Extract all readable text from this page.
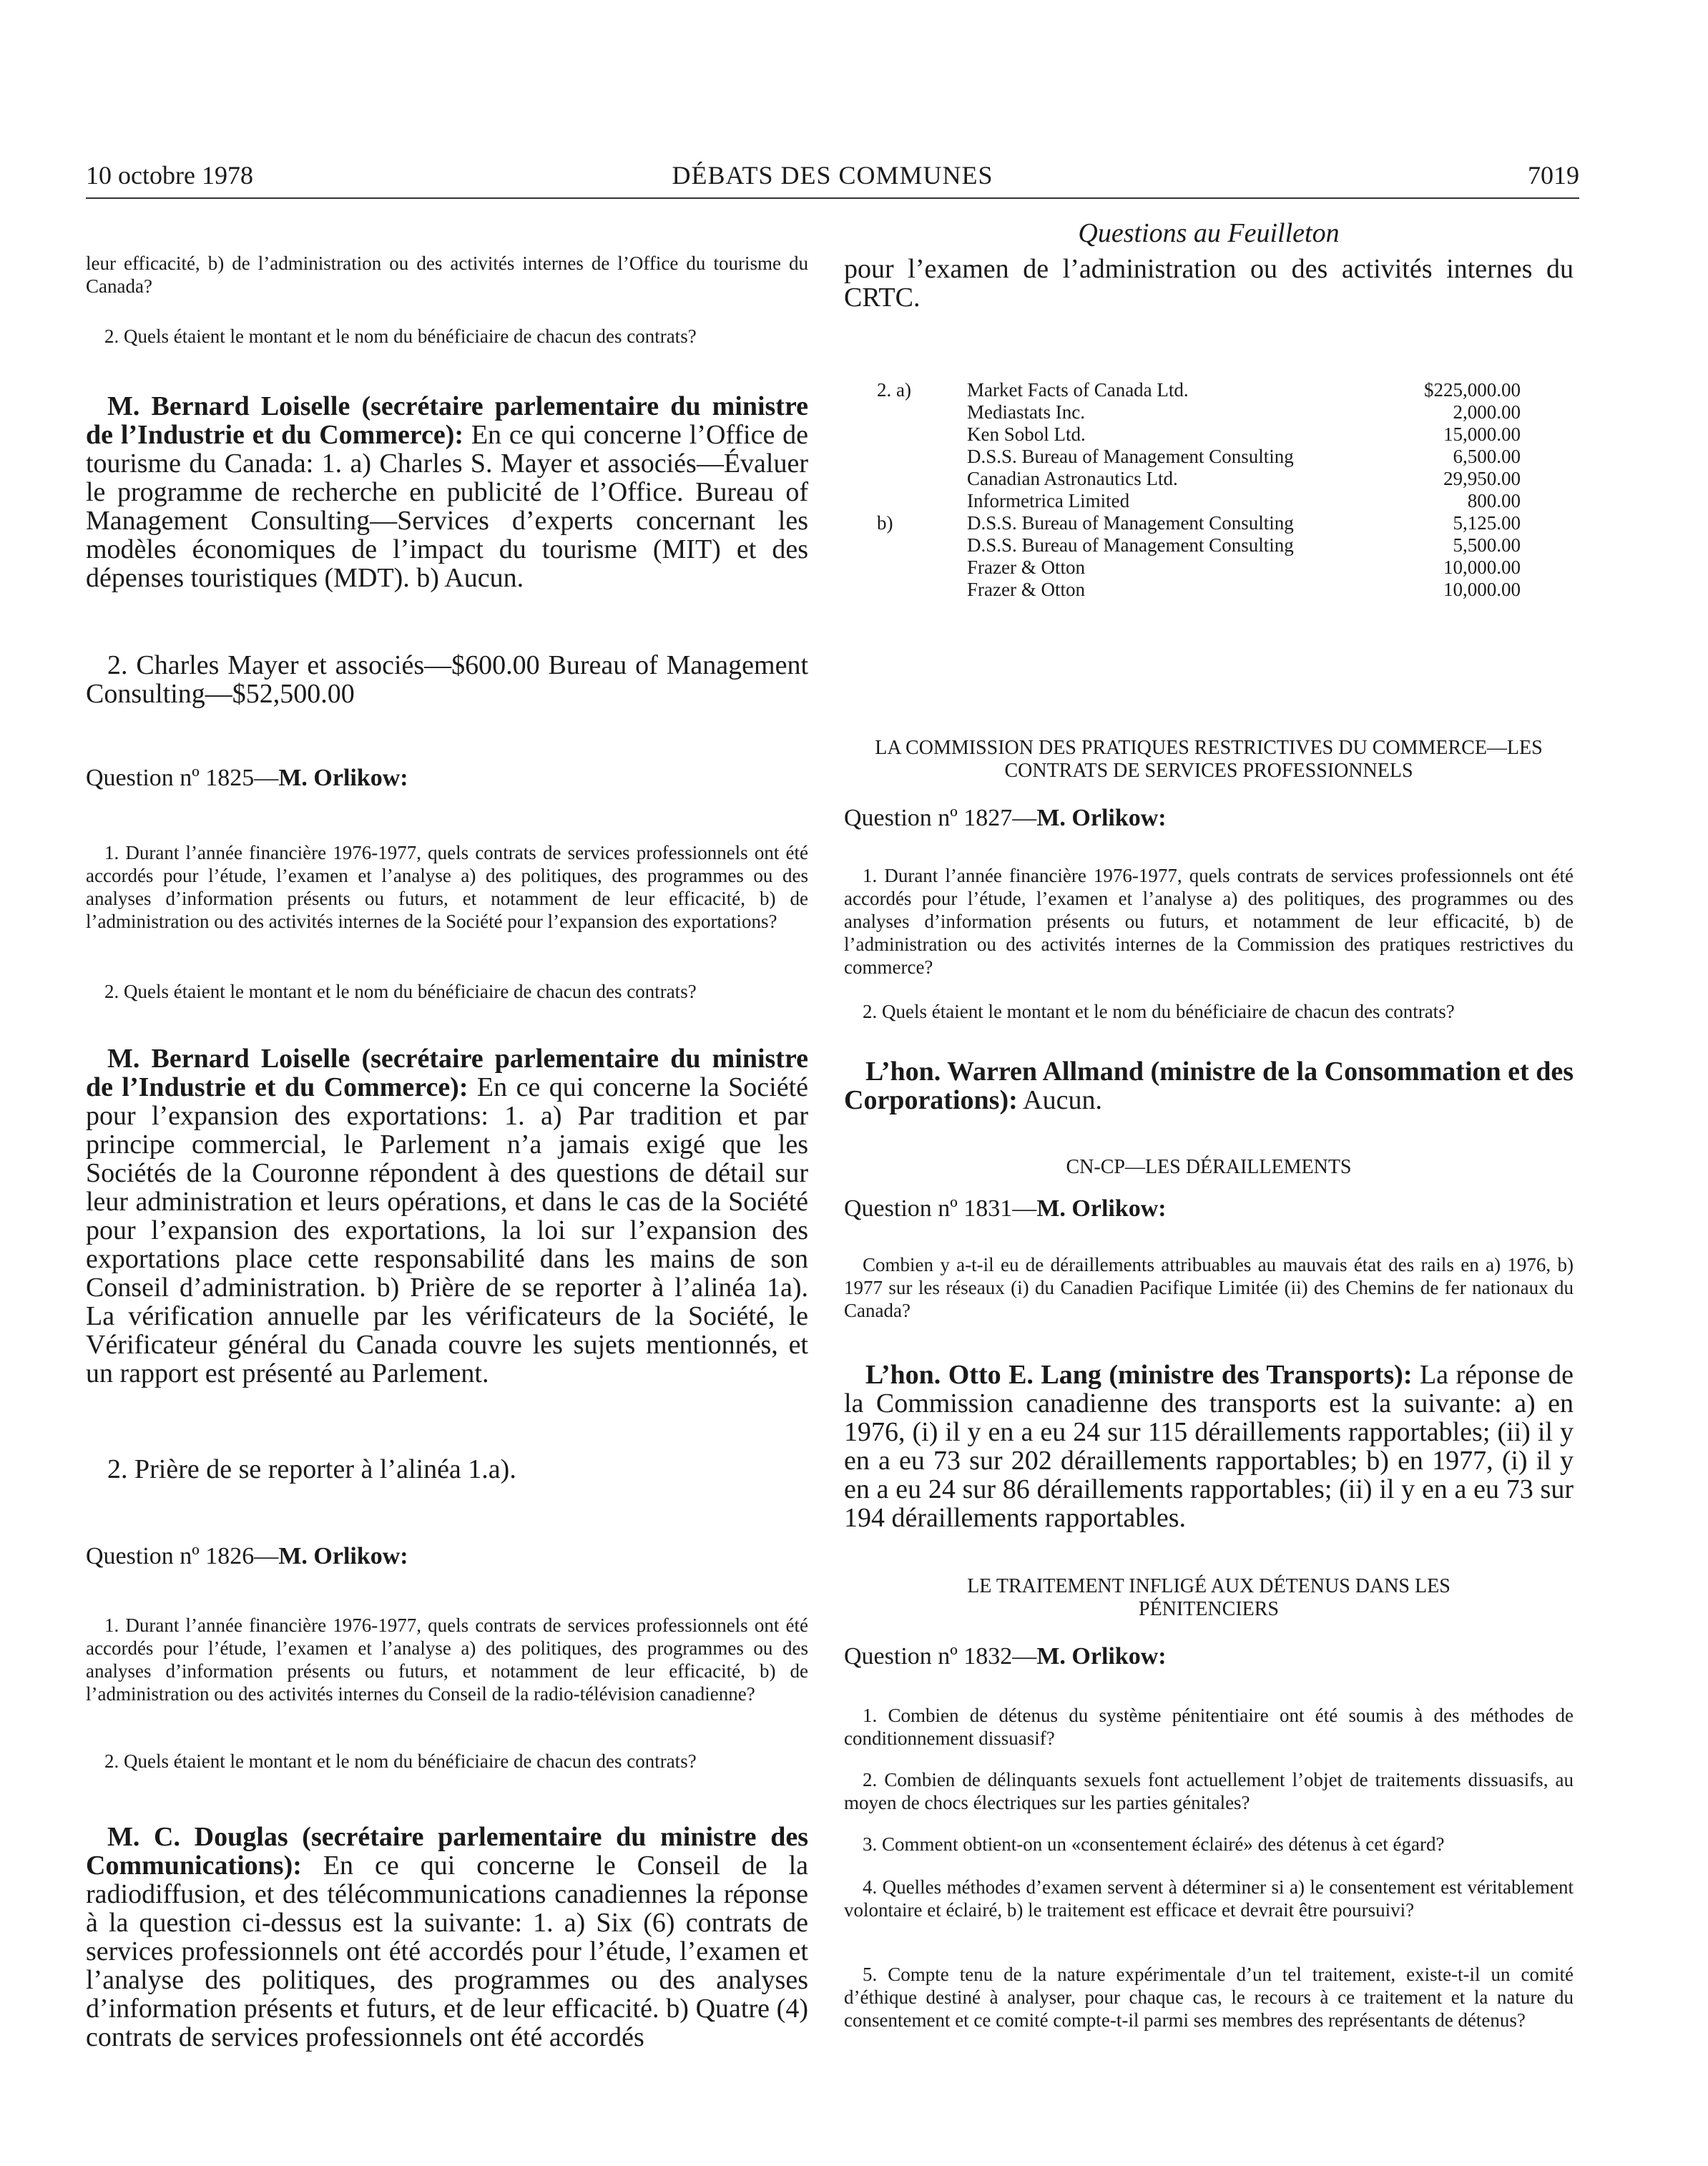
DÉBATS DES COMMUNES
10 octobre 1978	7019
Questions au Feuilleton

leur efficacité, b) de l’administration ou des activités internes de l’Office du tourisme du Canada?

2. Quels étaient le montant et le nom du bénéficiaire de chacun des contrats?

M. Bernard Loiselle (secrétaire parlementaire du ministre de l’Industrie et du Commerce): En ce qui concerne l’Office de tourisme du Canada: 1. a) Charles S. Mayer et associés—Évaluer le programme de recherche en publicité de l’Office. Bureau of Management Consulting—Services d’experts concernant les modèles économiques de l’impact du tourisme (MIT) et des dépenses touristiques (MDT). b) Aucun.

2. Charles Mayer et associés—$600.00 Bureau of Management Consulting—$52,500.00

Question nº 1825—M. Orlikow:

1. Durant l’année financière 1976-1977, quels contrats de services professionnels ont été accordés pour l’étude, l’examen et l’analyse a) des politiques, des programmes ou des analyses d’information présents ou futurs, et notamment de leur efficacité, b) de l’administration ou des activités internes de la Société pour l’expansion des exportations?

2. Quels étaient le montant et le nom du bénéficiaire de chacun des contrats?

M. Bernard Loiselle (secrétaire parlementaire du ministre de l’Industrie et du Commerce): En ce qui concerne la Société pour l’expansion des exportations: 1. a) Par tradition et par principe commercial, le Parlement n’a jamais exigé que les Sociétés de la Couronne répondent à des questions de détail sur leur administration et leurs opérations, et dans le cas de la Société pour l’expansion des exportations, la loi sur l’expansion des exportations place cette responsabilité dans les mains de son Conseil d’administration. b) Prière de se reporter à l’alinéa 1a). La vérification annuelle par les vérificateurs de la Société, le Vérificateur général du Canada couvre les sujets mentionnés, et un rapport est présenté au Parlement.

2. Prière de se reporter à l’alinéa 1.a).

Question nº 1826—M. Orlikow:

1. Durant l’année financière 1976-1977, quels contrats de services professionnels ont été accordés pour l’étude, l’examen et l’analyse a) des politiques, des programmes ou des analyses d’information présents ou futurs, et notamment de leur efficacité, b) de l’administration ou des activités internes du Conseil de la radio-télévision canadienne?

2. Quels étaient le montant et le nom du bénéficiaire de chacun des contrats?

M. C. Douglas (secrétaire parlementaire du ministre des Communications): En ce qui concerne le Conseil de la radiodiffusion, et des télécommunications canadiennes la réponse à la question ci-dessus est la suivante: 1. a) Six (6) contrats de services professionnels ont été accordés pour l’étude, l’examen et l’analyse des politiques, des programmes ou des analyses d’information présents et futurs, et de leur efficacité. b) Quatre (4) contrats de services professionnels ont été accordés

pour l’examen de l’administration ou des activités internes du CRTC.

2. a)		Market Facts of Canada Ltd.	$225,000.00
		Mediastats Inc.	2,000.00
		Ken Sobol Ltd.	15,000.00
		D.S.S. Bureau of Management Consulting	6,500.00
		Canadian Astronautics Ltd.	29,950.00
		Informetrica Limited	800.00
b)		D.S.S. Bureau of Management Consulting	5,125.00
		D.S.S. Bureau of Management Consulting	5,500.00
		Frazer & Otton	10,000.00
		Frazer & Otton	10,000.00

LA COMMISSION DES PRATIQUES RESTRICTIVES DU COMMERCE—LES CONTRATS DE SERVICES PROFESSIONNELS

Question nº 1827—M. Orlikow:

1. Durant l’année financière 1976-1977, quels contrats de services professionnels ont été accordés pour l’étude, l’examen et l’analyse a) des politiques, des programmes ou des analyses d’information présents ou futurs, et notamment de leur efficacité, b) de l’administration ou des activités internes de la Commission des pratiques restrictives du commerce?

2. Quels étaient le montant et le nom du bénéficiaire de chacun des contrats?

L’hon. Warren Allmand (ministre de la Consommation et des Corporations): Aucun.

CN-CP—LES DÉRAILLEMENTS

Question nº 1831—M. Orlikow:

Combien y a-t-il eu de déraillements attribuables au mauvais état des rails en a) 1976, b) 1977 sur les réseaux (i) du Canadien Pacifique Limitée (ii) des Chemins de fer nationaux du Canada?

L’hon. Otto E. Lang (ministre des Transports): La réponse de la Commission canadienne des transports est la suivante: a) en 1976, (i) il y en a eu 24 sur 115 déraillements rapportables; (ii) il y en a eu 73 sur 202 déraillements rapportables; b) en 1977, (i) il y en a eu 24 sur 86 déraillements rapportables; (ii) il y en a eu 73 sur 194 déraillements rapportables.

LE TRAITEMENT INFLIGÉ AUX DÉTENUS DANS LES PÉNITENCIERS

Question nº 1832—M. Orlikow:

1. Combien de détenus du système pénitentiaire ont été soumis à des méthodes de conditionnement dissuasif?

2. Combien de délinquants sexuels font actuellement l’objet de traitements dissuasifs, au moyen de chocs électriques sur les parties génitales?

3. Comment obtient-on un «consentement éclairé» des détenus à cet égard?

4. Quelles méthodes d’examen servent à déterminer si a) le consentement est véritablement volontaire et éclairé, b) le traitement est efficace et devrait être poursuivi?

5. Compte tenu de la nature expérimentale d’un tel traitement, existe-t-il un comité d’éthique destiné à analyser, pour chaque cas, le recours à ce traitement et la nature du consentement et ce comité compte-t-il parmi ses membres des représentants de détenus?
